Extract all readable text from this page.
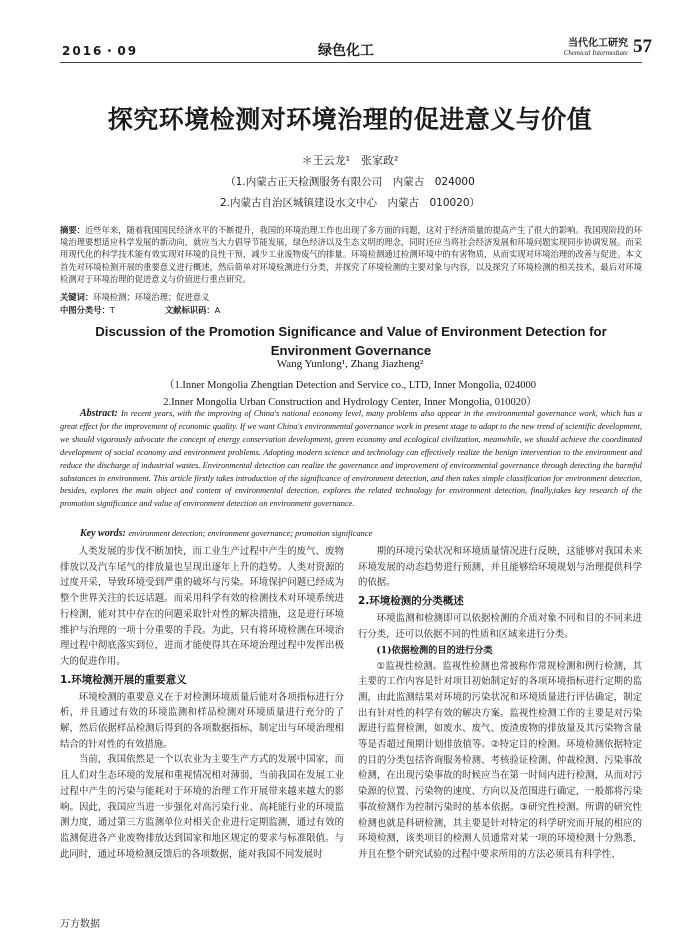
2016・09	绿色化工	当代化工研究
Chemical Intermediate 57
探究环境检测对环境治理的促进意义与价值
＊王云龙¹　张家政²
（1.内蒙古正天检测服务有限公司　内蒙古　024000
2.内蒙古自治区城镇建设水文中心　内蒙古　010020）
摘要：近些年来，随着我国国民经济水平的不断提升，我国的环境治理工作也出现了多方面的问题，这对于经济质量的提高产生了很大的影响。我国现阶段的环境治理要想适应科学发展的新动向，就应当大力倡导节能发展，绿色经济以及生态文明的理念，同时还应当将社会经济发展和环境问题实现同步协调发展。而采用现代化的科学技术能有效实现对环境的良性干预，减少工业废物废气的排量。环境检测通过检测环境中的有害物质，从而实现对环境治理的改善与促进。本文首先对环境检测开展的重要意义进行概述，然后简单对环境检测进行分类，并探究了环境检测的主要对象与内容，以及探究了环境检测的相关技术，最后对环境检测对于环境治理的促进意义与价值进行重点研究。
关键词：环境检测；环境治理；促进意义
中图分类号：T	文献标识码：A
Discussion of the Promotion Significance and Value of Environment Detection for Environment Governance
Wang Yunlong¹, Zhang Jiazheng²
（1.Inner Mongolia Zhengtian Detection and Service co., LTD, Inner Mongolia, 024000
2.Inner Mongolia Urban Construction and Hydrology Center, Inner Mongolia, 010020）
Abstract: In recent years, with the improving of China's national economy level, many problems also appear in the environmental governance work, which has a great effect for the improvement of economic quality. If we want China's environmental governance work in present stage to adapt to the new trend of scientific development, we should vigorously advocate the concept of energy conservation development, green economy and ecological civilization, meanwhile, we should achieve the coordinated development of social economy and environment problems. Adopting modern science and technology can effectively realize the benign intervention to the environment and reduce the discharge of industrial wastes. Environmental detection can realize the governance and improvement of environmental governance through detecting the harmful substances in environment. This article firstly takes introduction of the significance of environment detection, and then takes simple classification for environment detection, besides, explores the main object and content of environmental detection, explores the related technology for environment detection, finally,takes key research of the promotion significance and value of environment detection on environment governance.
Key words: environment detection; environment governance; promotion significance

人类发展的步伐不断加快，而工业生产过程中产生的废气、废物排放以及汽车尾气的排放量也呈现出逐年上升的趋势。人类对资源的过度开采，导致环境受到严重的破坏与污染。环境保护问题已经成为整个世界关注的长远话题。而采用科学有效的检测技术对环境系统进行检测，能对其中存在的问题采取针对性的解决措施，这是进行环境维护与治理的一项十分重要的手段。为此，只有将环境检测在环境治理过程中彻底落实到位，进而才能使得其在环境治理过程中发挥出极大的促进作用。

1.环境检测开展的重要意义

环境检测的重要意义在于对检测环境质量后能对各项指标进行分析，并且通过有效的环境监测和样品检测对环境质量进行充分的了解，然后依据样品检测后得到的各项数据指标，制定出与环境治理相结合的针对性的有效措施。

当前，我国依然是一个以农业为主要生产方式的发展中国家，而且人们对生态环境的发展和重视情况相对薄弱，当前我国在发展工业过程中产生的污染与能耗对于环境的治理工作开展带来越来越大的影响。因此，我国应当进一步强化对高污染行业、高耗能行业的环境监测力度，通过第三方监测单位对相关企业进行定期监测，通过有效的监测促进各产业废物排放达到国家和地区规定的要求与标准限值。与此同时，通过环境检测反馈后的各项数据，能对我国不同发展时

期的环境污染状况和环境质量情况进行反映，这能够对我国未来环境发展的动态趋势进行预测，并且能够给环境规划与治理提供科学的依据。

2.环境检测的分类概述

环境监测和检测即可以依据检测的介质对象不同和目的不同来进行分类，还可以依据不同的性质和区域来进行分类。

(1)依据检测的目的进行分类

①监视性检测。监视性检测也常被称作常规检测和例行检测，其主要的工作内容是针对项目初始制定好的各项环境指标进行定期的监测，由此监测结果对环境的污染状况和环境质量进行评估确定，制定出有针对性的科学有效的解决方案。监视性检测工作的主要是对污染源进行监督检测，如废水、废气、废渣废物的排放量及其污染物含量等是否超过预期计划排放值等。②特定目的检测。环境检测依据特定的目的分类包括咨询服务检测、考核验证检测、仲裁检测、污染事故检测，在出现污染事故的时候应当在第一时间内进行检测，从而对污染源的位置、污染物的速度、方向以及范围进行确定，一般都将污染事故检测作为控制污染时的基本依据。③研究性检测。所谓的研究性检测也就是科研检测，其主要是针对特定的科学研究而开展的相应的环境检测，该类项目的检测人员通常对某一项的环境检测十分熟悉，并且在整个研究试验的过程中要求所用的方法必须具有科学性、

万方数据
